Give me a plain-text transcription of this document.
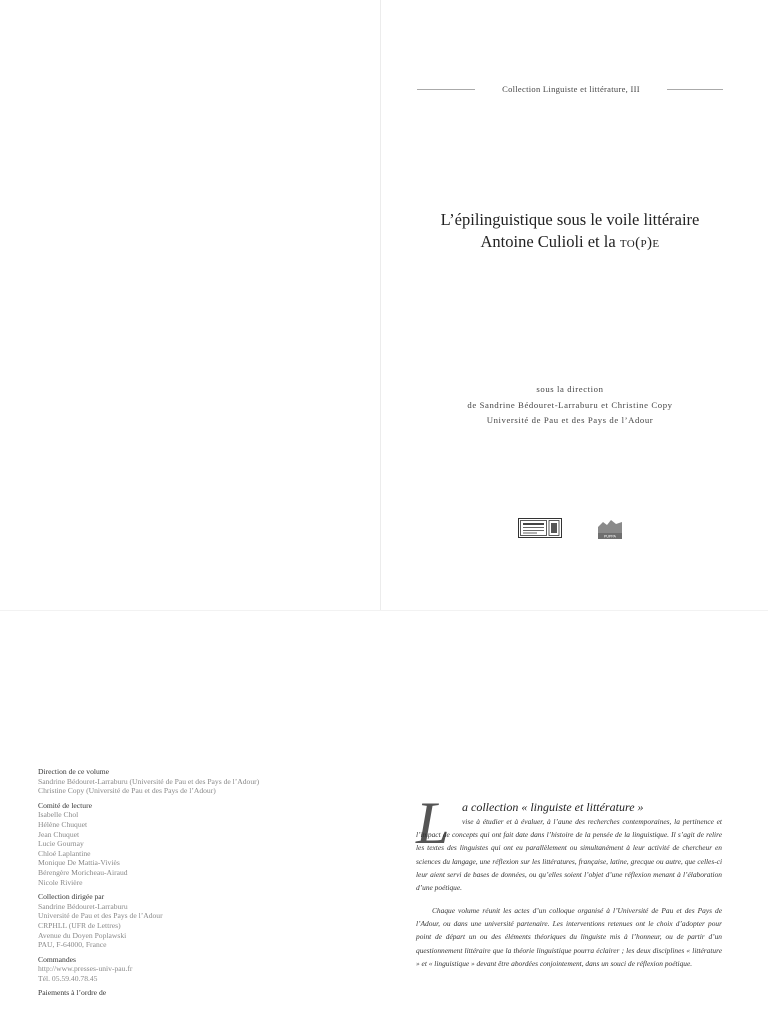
Collection Linguiste et littérature, III
L’épilinguistique sous le voile littéraire
Antoine Culioli et la to(p)e
sous la direction
de Sandrine Bédouret-Larraburu et Christine Copy
Université de Pau et des Pays de l’Adour
PUPPA
Direction de ce volume
Sandrine Bédouret-Larraburu (Université de Pau et des Pays de l’Adour)
Christine Copy (Université de Pau et des Pays de l’Adour)
Comité de lecture
Isabelle Chol
Hélène Chuquet
Jean Chuquet
Lucie Gournay
Chloé Laplantine
Monique De Mattia-Viviès
Bérengère Moricheau-Airaud
Nicole Rivière
Collection dirigée par
Sandrine Bédouret-Larraburu
Université de Pau et des Pays de l’Adour
CRPHLL (UFR de Lettres)
Avenue du Doyen Poplawski
PAU, F-64000, France
Commandes
http://www.presses-univ-pau.fr
Tél. 05.59.40.78.45
Paiements à l’ordre de
L a collection « linguiste et littérature »
vise à étudier et à évaluer, à l’aune des recherches contemporaines, la pertinence et l’impact de concepts qui ont fait date dans l’histoire de la pensée de la linguistique. Il s’agit de relire les textes des linguistes qui ont eu parallèlement ou simultanément à leur activité de chercheur en sciences du langage, une réflexion sur les littératures, française, latine, grecque ou autre, que celles-ci leur aient servi de bases de données, ou qu’elles soient l’objet d’une réflexion menant à l’élaboration d’une poétique.
Chaque volume réunit les actes d’un colloque organisé à l’Université de Pau et des Pays de l’Adour, ou dans une université partenaire. Les interventions retenues ont le choix d’adopter pour point de départ un ou des éléments théoriques du linguiste mis à l’honneur, ou de partir d’un questionnement littéraire que la théorie linguistique pourra éclairer ; les deux disciplines « littérature » et « linguistique » devant être abordées conjointement, dans un souci de réflexion poétique.
